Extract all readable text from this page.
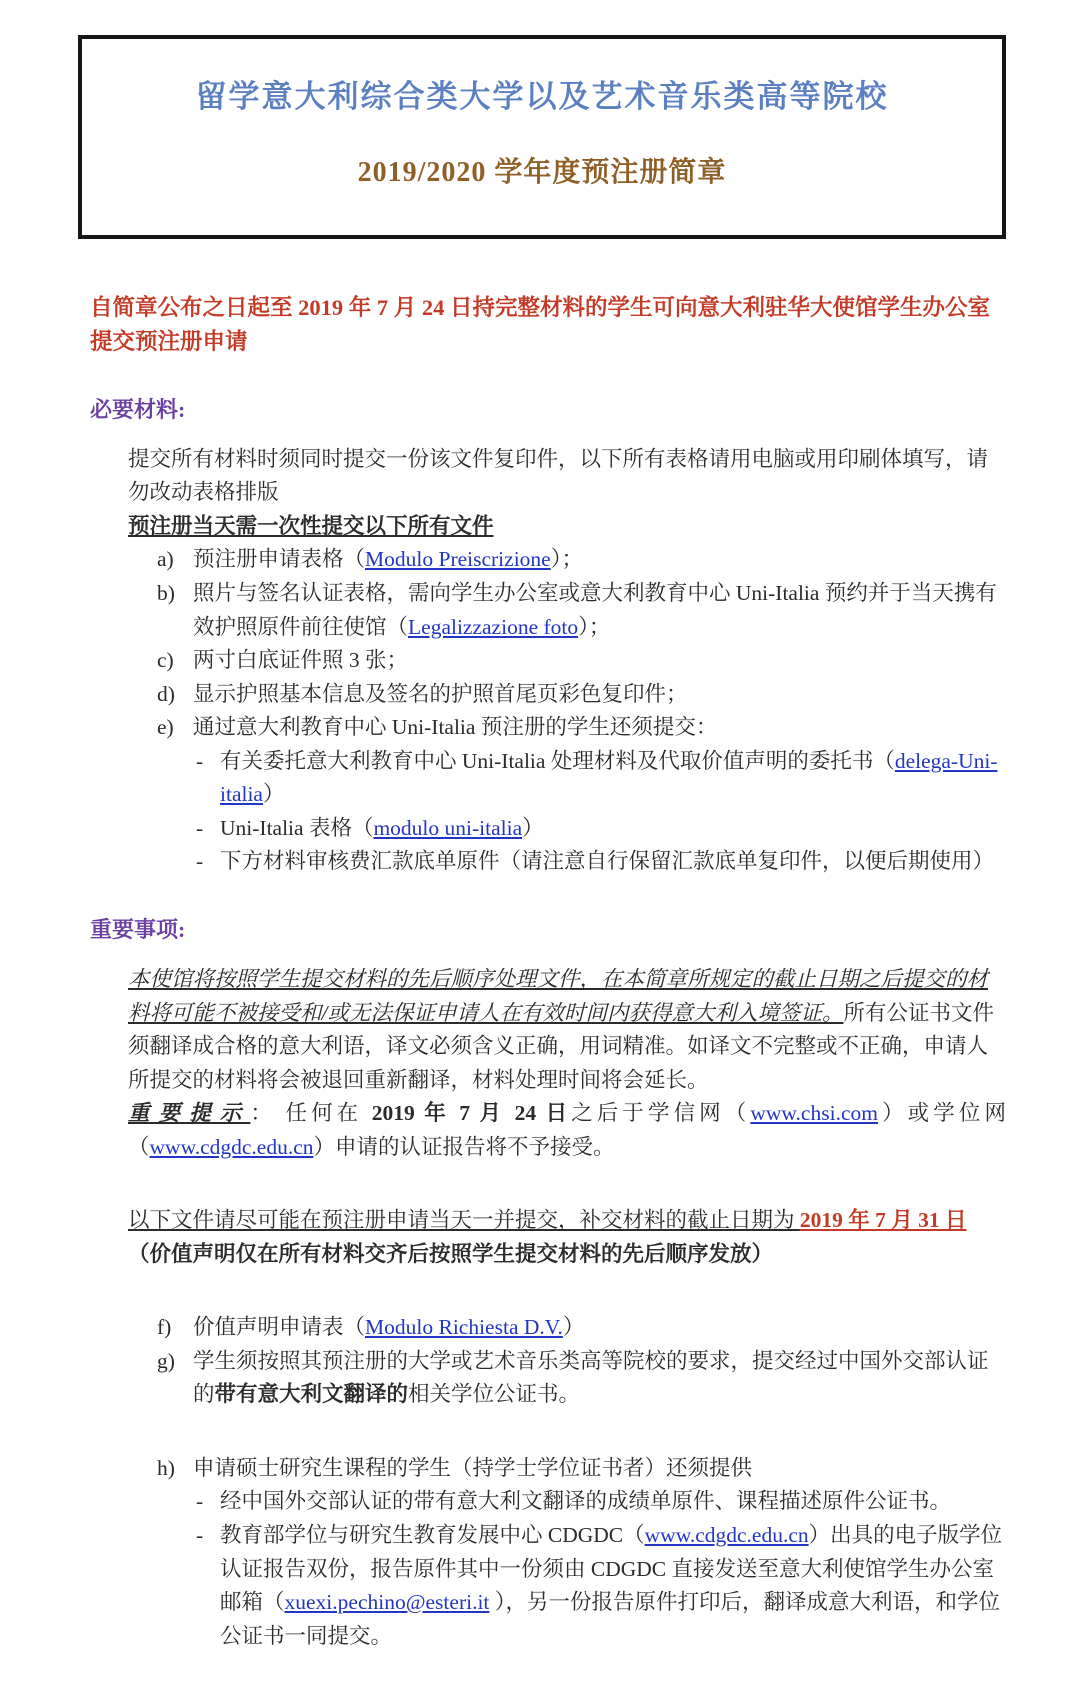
留学意大利综合类大学以及艺术音乐类高等院校
2019/2020 学年度预注册简章
自简章公布之日起至 2019 年 7 月 24 日持完整材料的学生可向意大利驻华大使馆学生办公室提交预注册申请
必要材料:
提交所有材料时须同时提交一份该文件复印件，以下所有表格请用电脑或用印刷体填写，请勿改动表格排版
预注册当天需一次性提交以下所有文件
a) 预注册申请表格（Modulo Preiscrizione）；
b) 照片与签名认证表格，需向学生办公室或意大利教育中心 Uni-Italia 预约并于当天携有效护照原件前往使馆（Legalizzazione foto）；
c) 两寸白底证件照 3 张；
d) 显示护照基本信息及签名的护照首尾页彩色复印件；
e) 通过意大利教育中心 Uni-Italia 预注册的学生还须提交：
- 有关委托意大利教育中心 Uni-Italia 处理材料及代取价值声明的委托书（delega-Uni-italia）
- Uni-Italia 表格（modulo uni-italia）
- 下方材料审核费汇款底单原件（请注意自行保留汇款底单复印件，以便后期使用）
重要事项:
本使馆将按照学生提交材料的先后顺序处理文件，在本简章所规定的截止日期之后提交的材料将可能不被接受和/或无法保证申请人在有效时间内获得意大利入境签证。所有公证书文件须翻译成合格的意大利语，译文必须含义正确，用词精准。如译文不完整或不正确，申请人所提交的材料将会被退回重新翻译，材料处理时间将会延长。
重要提示： 任何在 2019 年 7 月 24 日之后于学信网（www.chsi.com）或学位网（www.cdgdc.edu.cn）申请的认证报告将不予接受。
以下文件请尽可能在预注册申请当天一并提交，补交材料的截止日期为 2019 年 7 月 31 日（价值声明仅在所有材料交齐后按照学生提交材料的先后顺序发放）
f)	价值声明申请表（Modulo Richiesta D.V.）
g) 学生须按照其预注册的大学或艺术音乐类高等院校的要求，提交经过中国外交部认证的带有意大利文翻译的相关学位公证书。
h) 申请硕士研究生课程的学生（持学士学位证书者）还须提供
- 经中国外交部认证的带有意大利文翻译的成绩单原件、课程描述原件公证书。
- 教育部学位与研究生教育发展中心 CDGDC（www.cdgdc.edu.cn）出具的电子版学位认证报告双份，报告原件其中一份须由 CDGDC 直接发送至意大利使馆学生办公室邮箱（xuexi.pechino@esteri.it ），另一份报告原件打印后，翻译成意大利语，和学位公证书一同提交。
